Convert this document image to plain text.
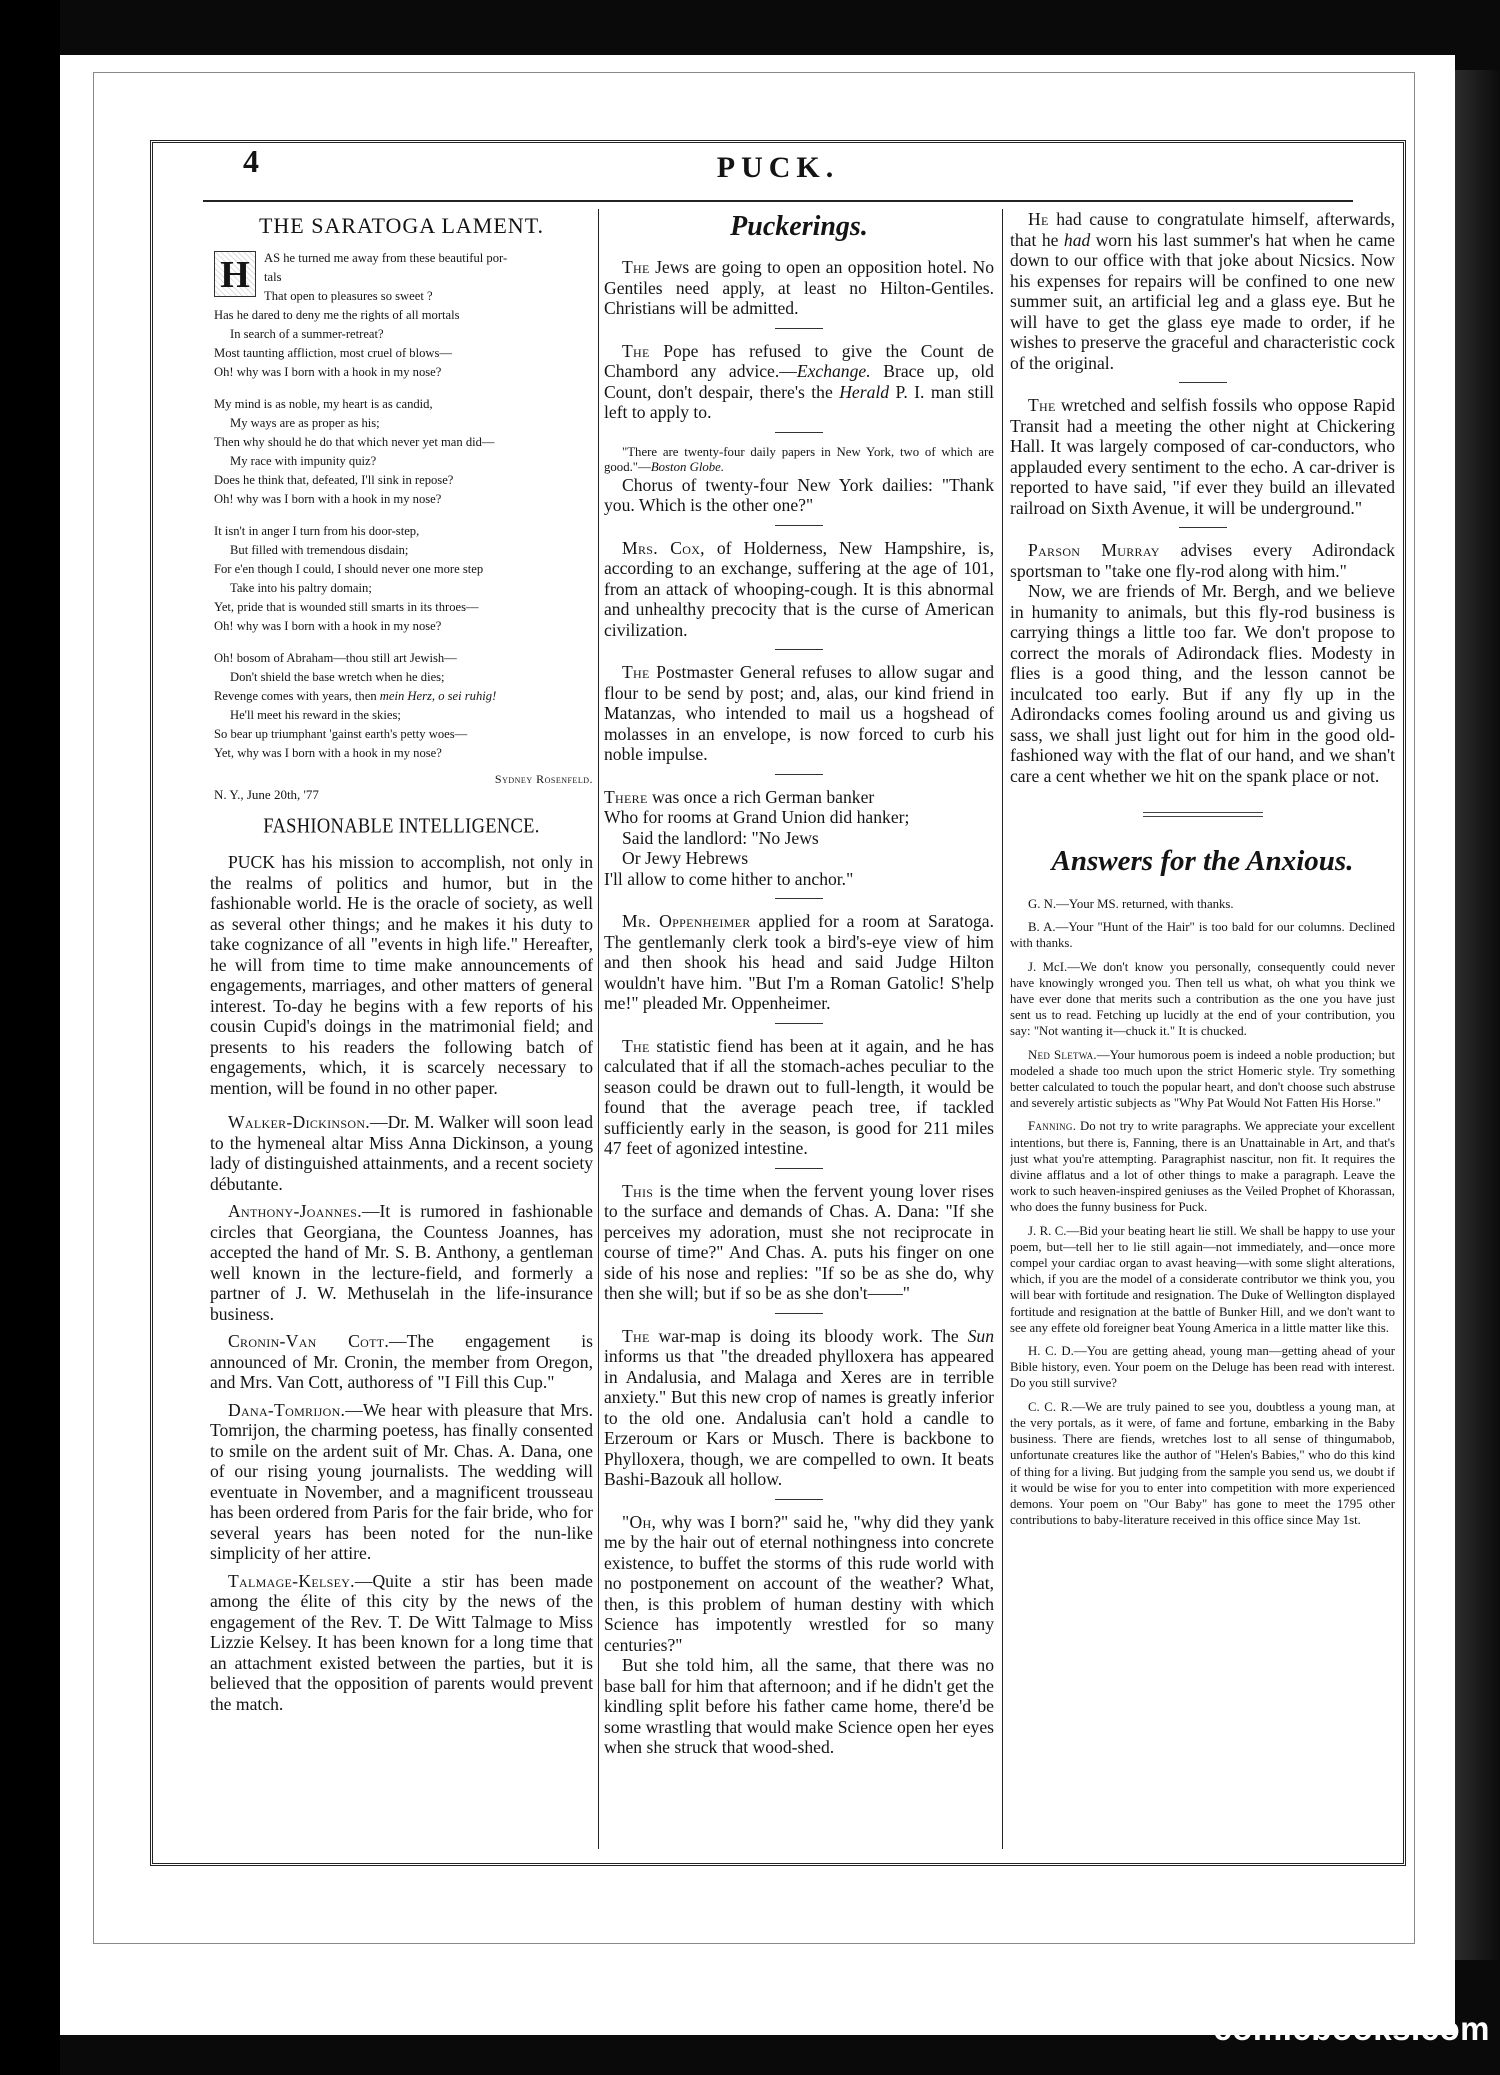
4	PUCK.
THE SARATOGA LAMENT.
H	AS he turned me away from these beautiful por-
tals
That open to pleasures so sweet ?
Has he dared to deny me the rights of all mortals
In search of a summer-retreat?
Most taunting affliction, most cruel of blows—
Oh! why was I born with a hook in my nose?
My mind is as noble, my heart is as candid,
My ways are as proper as his;
Then why should he do that which never yet man did—
My race with impunity quiz?
Does he think that, defeated, I'll sink in repose?
Oh! why was I born with a hook in my nose?
It isn't in anger I turn from his door-step,
But filled with tremendous disdain;
For e'en though I could, I should never one more step
Take into his paltry domain;
Yet, pride that is wounded still smarts in its throes—
Oh! why was I born with a hook in my nose?
Oh! bosom of Abraham—thou still art Jewish—
Don't shield the base wretch when he dies;
Revenge comes with years, then mein Herz, o sei ruhig!
He'll meet his reward in the skies;
So bear up triumphant 'gainst earth's petty woes—
Yet, why was I born with a hook in my nose?
Sydney Rosenfeld.
N. Y., June 20th, '77
FASHIONABLE INTELLIGENCE.

PUCK has his mission to accomplish, not only in the realms of politics and humor, but in the fashionable world. He is the oracle of society, as well as several other things; and he makes it his duty to take cognizance of all "events in high life." Hereafter, he will from time to time make announcements of engagements, marriages, and other matters of general interest. To-day he begins with a few reports of his cousin Cupid's doings in the matrimonial field; and presents to his readers the following batch of engagements, which, it is scarcely necessary to mention, will be found in no other paper.

Walker-Dickinson.—Dr. M. Walker will soon lead to the hymeneal altar Miss Anna Dickinson, a young lady of distinguished attainments, and a recent society débutante.

Anthony-Joannes.—It is rumored in fashionable circles that Georgiana, the Countess Joannes, has accepted the hand of Mr. S. B. Anthony, a gentleman well known in the lecture-field, and formerly a partner of J. W. Methuselah in the life-insurance business.

Cronin-Van Cott.—The engagement is announced of Mr. Cronin, the member from Oregon, and Mrs. Van Cott, authoress of "I Fill this Cup."

Dana-Tomrijon.—We hear with pleasure that Mrs. Tomrijon, the charming poetess, has finally consented to smile on the ardent suit of Mr. Chas. A. Dana, one of our rising young journalists. The wedding will eventuate in November, and a magnificent trousseau has been ordered from Paris for the fair bride, who for several years has been noted for the nun-like simplicity of her attire.

Talmage-Kelsey.—Quite a stir has been made among the élite of this city by the news of the engagement of the Rev. T. De Witt Talmage to Miss Lizzie Kelsey. It has been known for a long time that an attachment existed between the parties, but it is believed that the opposition of parents would prevent the match.

Puckerings.

The Jews are going to open an opposition hotel. No Gentiles need apply, at least no Hilton-Gentiles. Christians will be admitted.

The Pope has refused to give the Count de Chambord any advice.—Exchange. Brace up, old Count, don't despair, there's the Herald P. I. man still left to apply to.

"There are twenty-four daily papers in New York, two of which are good."—Boston Globe.

Chorus of twenty-four New York dailies: "Thank you. Which is the other one?"

Mrs. Cox, of Holderness, New Hampshire, is, according to an exchange, suffering at the age of 101, from an attack of whooping-cough. It is this abnormal and unhealthy precocity that is the curse of American civilization.

The Postmaster General refuses to allow sugar and flour to be send by post; and, alas, our kind friend in Matanzas, who intended to mail us a hogshead of molasses in an envelope, is now forced to curb his noble impulse.

There was once a rich German banker
Who for rooms at Grand Union did hanker;
Said the landlord: "No Jews
Or Jewy Hebrews
I'll allow to come hither to anchor."

Mr. Oppenheimer applied for a room at Saratoga. The gentlemanly clerk took a bird's-eye view of him and then shook his head and said Judge Hilton wouldn't have him. "But I'm a Roman Gatolic! S'help me!" pleaded Mr. Oppenheimer.

The statistic fiend has been at it again, and he has calculated that if all the stomach-aches peculiar to the season could be drawn out to full-length, it would be found that the average peach tree, if tackled sufficiently early in the season, is good for 211 miles 47 feet of agonized intestine.

This is the time when the fervent young lover rises to the surface and demands of Chas. A. Dana: "If she perceives my adoration, must she not reciprocate in course of time?" And Chas. A. puts his finger on one side of his nose and replies: "If so be as she do, why then she will; but if so be as she don't——"

The war-map is doing its bloody work. The Sun informs us that "the dreaded phylloxera has appeared in Andalusia, and Malaga and Xeres are in terrible anxiety." But this new crop of names is greatly inferior to the old one. Andalusia can't hold a candle to Erzeroum or Kars or Musch. There is backbone to Phylloxera, though, we are compelled to own. It beats Bashi-Bazouk all hollow.

"Oh, why was I born?" said he, "why did they yank me by the hair out of eternal nothingness into concrete existence, to buffet the storms of this rude world with no postponement on account of the weather? What, then, is this problem of human destiny with which Science has impotently wrestled for so many centuries?"

But she told him, all the same, that there was no base ball for him that afternoon; and if he didn't get the kindling split before his father came home, there'd be some wrastling that would make Science open her eyes when she struck that wood-shed.

He had cause to congratulate himself, afterwards, that he had worn his last summer's hat when he came down to our office with that joke about Nicsics. Now his expenses for repairs will be confined to one new summer suit, an artificial leg and a glass eye. But he will have to get the glass eye made to order, if he wishes to preserve the graceful and characteristic cock of the original.

The wretched and selfish fossils who oppose Rapid Transit had a meeting the other night at Chickering Hall. It was largely composed of car-conductors, who applauded every sentiment to the echo. A car-driver is reported to have said, "if ever they build an illevated railroad on Sixth Avenue, it will be underground."

Parson Murray advises every Adirondack sportsman to "take one fly-rod along with him."

Now, we are friends of Mr. Bergh, and we believe in humanity to animals, but this fly-rod business is carrying things a little too far. We don't propose to correct the morals of Adirondack flies. Modesty in flies is a good thing, and the lesson cannot be inculcated too early. But if any fly up in the Adirondacks comes fooling around us and giving us sass, we shall just light out for him in the good old-fashioned way with the flat of our hand, and we shan't care a cent whether we hit on the spank place or not.

Answers for the Anxious.

G. N.—Your MS. returned, with thanks.

B. A.—Your "Hunt of the Hair" is too bald for our columns. Declined with thanks.

J. McI.—We don't know you personally, consequently could never have knowingly wronged you. Then tell us what, oh what you think we have ever done that merits such a contribution as the one you have just sent us to read. Fetching up lucidly at the end of your contribution, you say: "Not wanting it—chuck it." It is chucked.

Ned Sletwa.—Your humorous poem is indeed a noble production; but modeled a shade too much upon the strict Homeric style. Try something better calculated to touch the popular heart, and don't choose such abstruse and severely artistic subjects as "Why Pat Would Not Fatten His Horse."

Fanning. Do not try to write paragraphs. We appreciate your excellent intentions, but there is, Fanning, there is an Unattainable in Art, and that's just what you're attempting. Paragraphist nascitur, non fit. It requires the divine afflatus and a lot of other things to make a paragraph. Leave the work to such heaven-inspired geniuses as the Veiled Prophet of Khorassan, who does the funny business for Puck.

J. R. C.—Bid your beating heart lie still. We shall be happy to use your poem, but—tell her to lie still again—not immediately, and—once more compel your cardiac organ to avast heaving—with some slight alterations, which, if you are the model of a considerate contributor we think you, you will bear with fortitude and resignation. The Duke of Wellington displayed fortitude and resignation at the battle of Bunker Hill, and we don't want to see any effete old foreigner beat Young America in a little matter like this.

H. C. D.—You are getting ahead, young man—getting ahead of your Bible history, even. Your poem on the Deluge has been read with interest. Do you still survive?

C. C. R.—We are truly pained to see you, doubtless a young man, at the very portals, as it were, of fame and fortune, embarking in the Baby business. There are fiends, wretches lost to all sense of thingumabob, unfortunate creatures like the author of "Helen's Babies," who do this kind of thing for a living. But judging from the sample you send us, we doubt if it would be wise for you to enter into competition with more experienced demons. Your poem on "Our Baby" has gone to meet the 1795 other contributions to baby-literature received in this office since May 1st.

comicbooks.com
